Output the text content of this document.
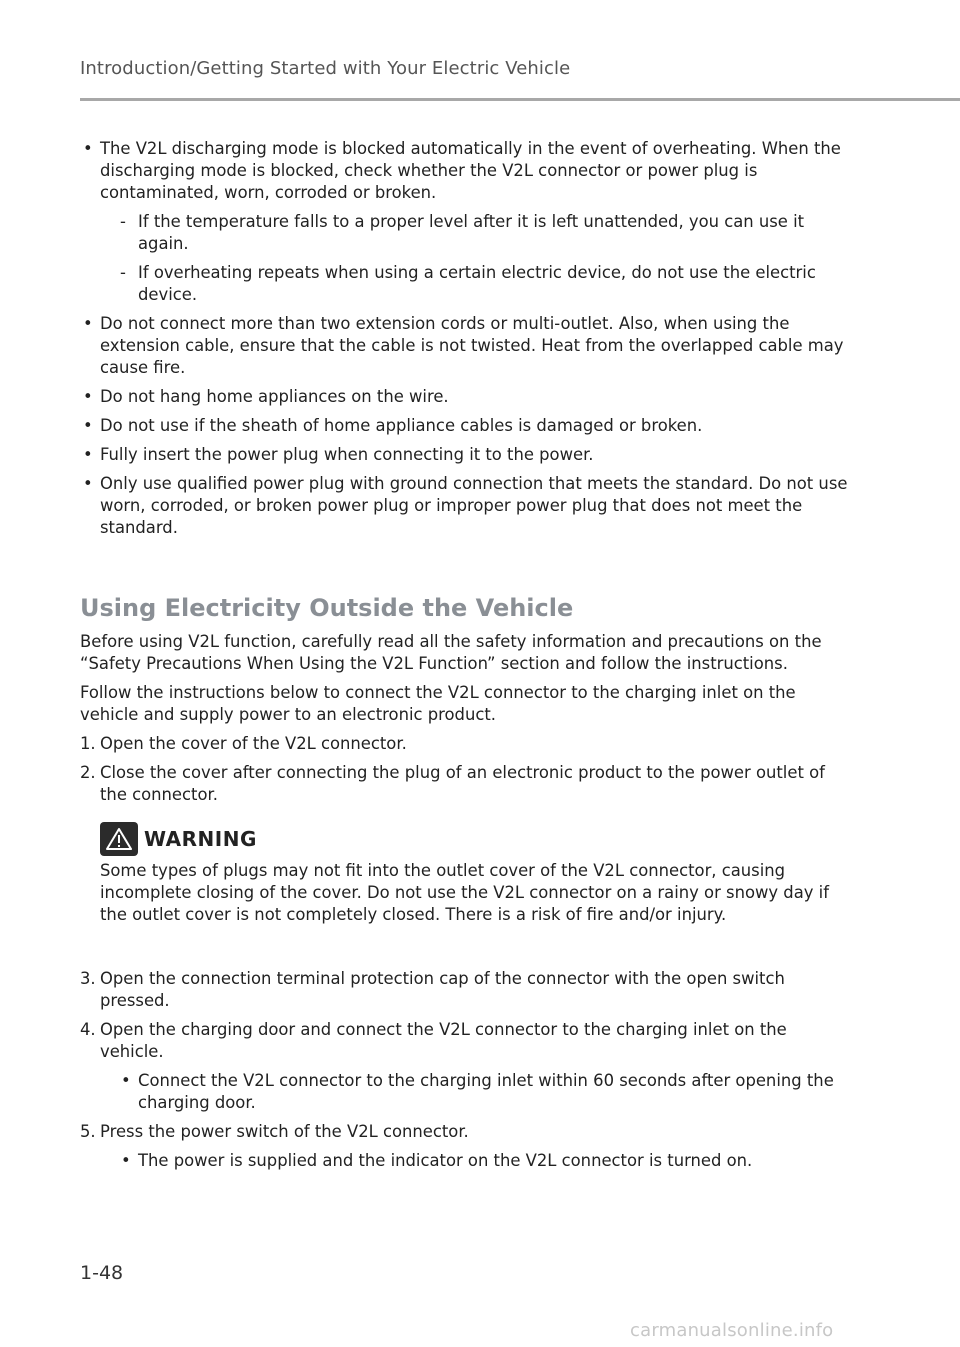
Introduction/Getting Started with Your Electric Vehicle
• The V2L discharging mode is blocked automatically in the event of overheating. When the discharging mode is blocked, check whether the V2L connector or power plug is contaminated, worn, corroded or broken.
- If the temperature falls to a proper level after it is left unattended, you can use it again.
- If overheating repeats when using a certain electric device, do not use the electric device.
• Do not connect more than two extension cords or multi-outlet. Also, when using the extension cable, ensure that the cable is not twisted. Heat from the overlapped cable may cause fire.
• Do not hang home appliances on the wire.
• Do not use if the sheath of home appliance cables is damaged or broken.
• Fully insert the power plug when connecting it to the power.
• Only use qualified power plug with ground connection that meets the standard. Do not use worn, corroded, or broken power plug or improper power plug that does not meet the standard.
Using Electricity Outside the Vehicle

Before using V2L function, carefully read all the safety information and precautions on the “Safety Precautions When Using the V2L Function” section and follow the instructions.

Follow the instructions below to connect the V2L connector to the charging inlet on the vehicle and supply power to an electronic product.

1. Open the cover of the V2L connector.
2. Close the cover after connecting the plug of an electronic product to the power outlet of the connector.
WARNING

Some types of plugs may not fit into the outlet cover of the V2L connector, causing incomplete closing of the cover. Do not use the V2L connector on a rainy or snowy day if the outlet cover is not completely closed. There is a risk of fire and/or injury.

3. Open the connection terminal protection cap of the connector with the open switch pressed.
4. Open the charging door and connect the V2L connector to the charging inlet on the vehicle.
• Connect the V2L connector to the charging inlet within 60 seconds after opening the charging door.
5. Press the power switch of the V2L connector.
• The power is supplied and the indicator on the V2L connector is turned on.
1-48
carmanualsonline.info
